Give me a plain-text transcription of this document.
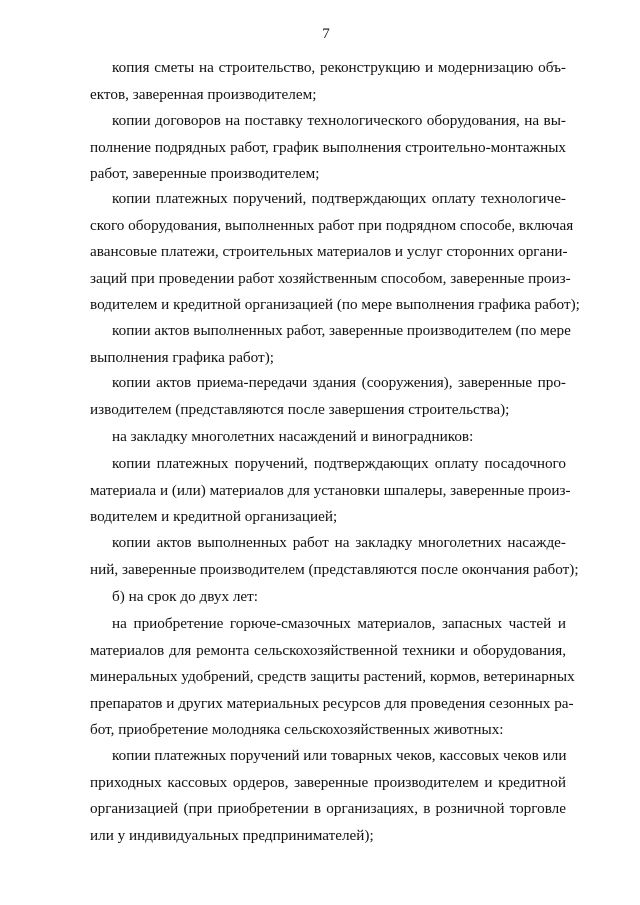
7
копия сметы на строительство, реконструкцию и модернизацию объ-
ектов, заверенная производителем;
копии договоров на поставку технологического оборудования, на вы-
полнение подрядных работ, график выполнения строительно-монтажных
работ, заверенные производителем;
копии платежных поручений, подтверждающих оплату технологиче-
ского оборудования, выполненных работ при подрядном способе, включая
авансовые платежи, строительных материалов и услуг сторонних органи-
заций при проведении работ хозяйственным способом, заверенные произ-
водителем и кредитной организацией (по мере выполнения графика работ);
копии актов выполненных работ, заверенные производителем (по мере
выполнения графика работ);
копии актов приема-передачи здания (сооружения), заверенные про-
изводителем (представляются после завершения строительства);
на закладку многолетних насаждений и виноградников:
копии платежных поручений, подтверждающих оплату посадочного
материала и (или) материалов для установки шпалеры, заверенные произ-
водителем и кредитной организацией;
копии актов выполненных работ на закладку многолетних насажде-
ний, заверенные производителем (представляются после окончания работ);
б) на срок до двух лет:
на приобретение горюче-смазочных материалов, запасных частей и
материалов для ремонта сельскохозяйственной техники и оборудования,
минеральных удобрений, средств защиты растений, кормов, ветеринарных
препаратов и других материальных ресурсов для проведения сезонных ра-
бот, приобретение молодняка сельскохозяйственных животных:
копии платежных поручений или товарных чеков, кассовых чеков или
приходных кассовых ордеров, заверенные производителем и кредитной
организацией (при приобретении в организациях, в розничной торговле
или у индивидуальных предпринимателей);
